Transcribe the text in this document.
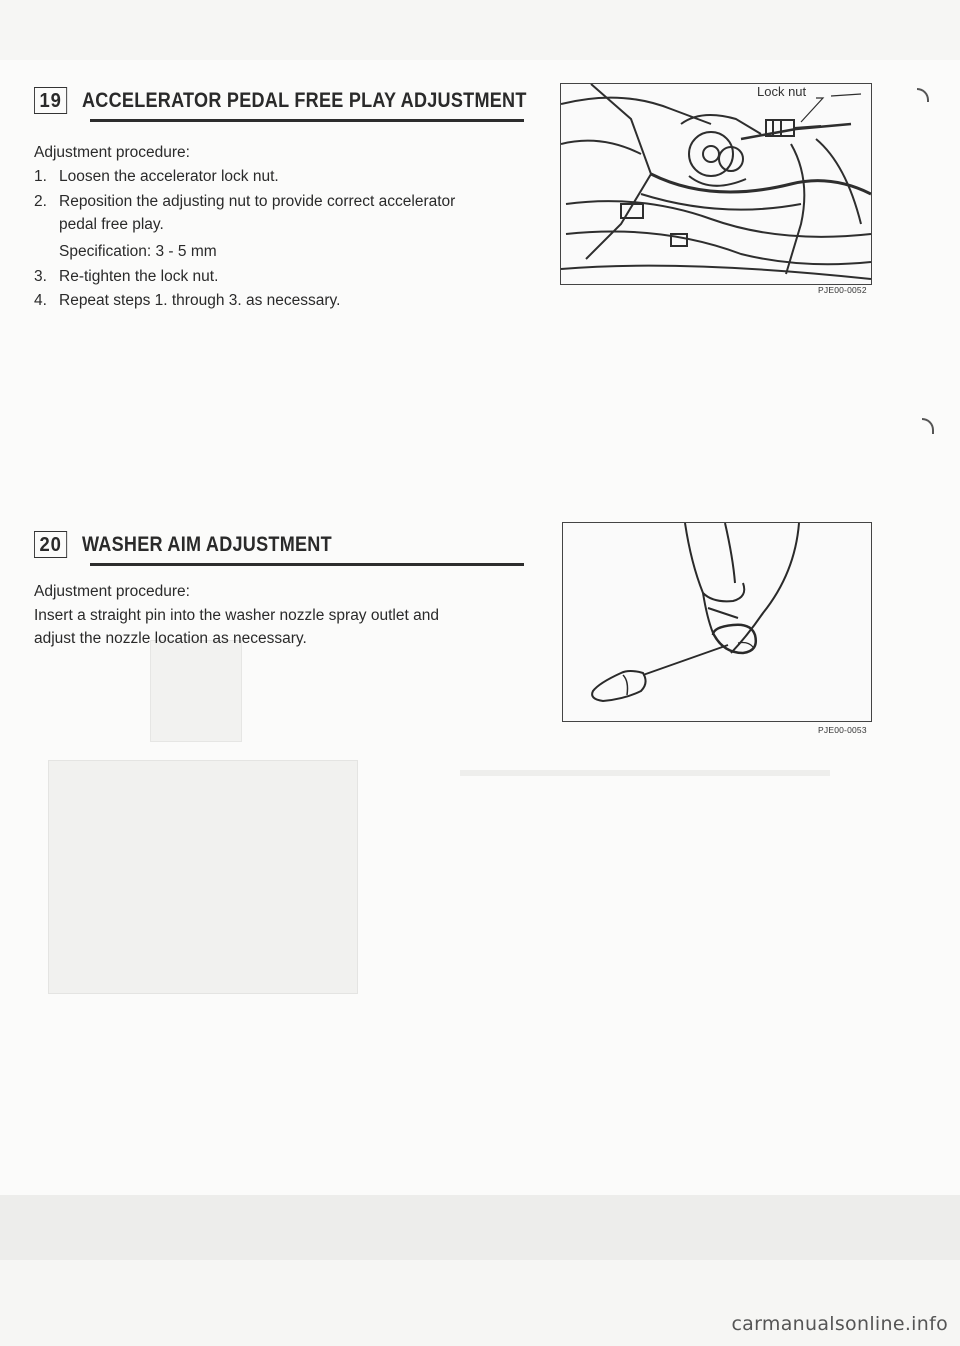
19 ACCELERATOR PEDAL FREE PLAY ADJUSTMENT
Adjustment procedure:
1. Loosen the accelerator lock nut.
2. Reposition the adjusting nut to provide correct accelerator
pedal free play.
Specification: 3 - 5 mm
3. Re-tighten the lock nut.
4. Repeat steps 1. through 3. as necessary.
Lock nut
PJE00-0052
20 WASHER AIM ADJUSTMENT
Adjustment procedure:
Insert a straight pin into the washer nozzle spray outlet and
adjust the nozzle location as necessary.
PJE00-0053
carmanualsonline.info
